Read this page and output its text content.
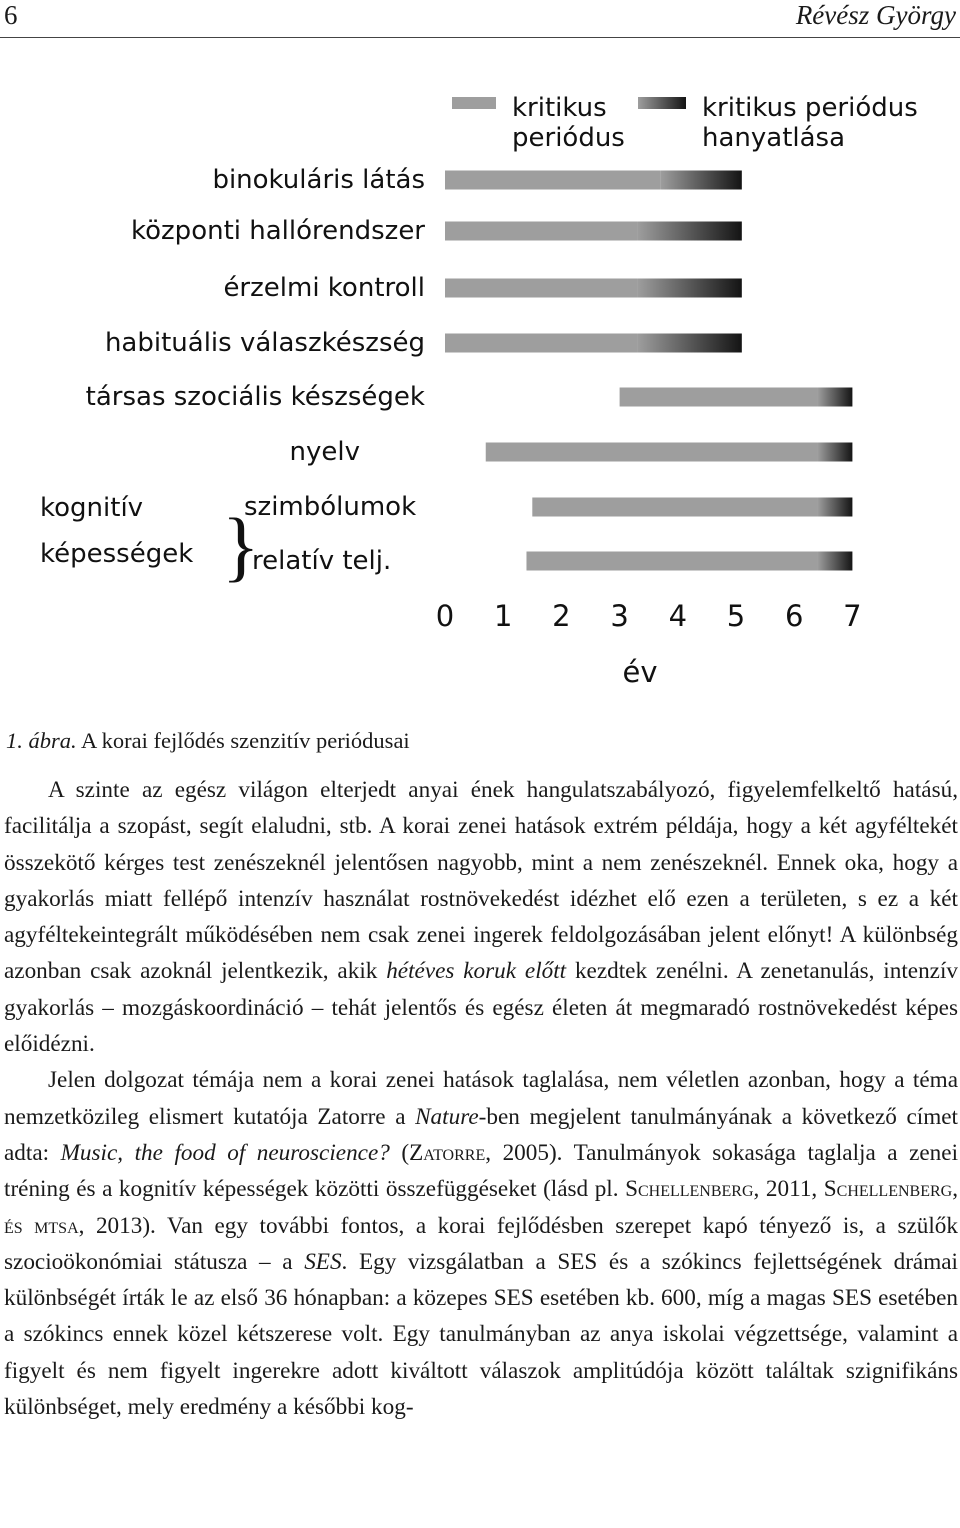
6	Révész György
kritikus periódus
kritikus periódus hanyatlása
binokuláris látás
központi hallórendszer
érzelmi kontroll
habituális válaszkészség
társas szociális készségek
nyelv
szimbólumok
relatív telj.
0 1 2 3 4 5 6 7
kognitív képességek }
év
1. ábra. A korai fejlődés szenzitív periódusai

A szinte az egész világon elterjedt anyai ének hangulatszabályozó, figyelemfelkeltő hatású, facilitálja a szopást, segít elaludni, stb. A korai zenei hatások extrém példája, hogy a két agyféltekét összekötő kérges test zenészeknél jelentősen nagyobb, mint a nem zenészeknél. Ennek oka, hogy a gyakorlás miatt fellépő intenzív használat rostnövekedést idézhet elő ezen a területen, s ez a két agyféltekeintegrált működésében nem csak zenei ingerek feldolgozásában jelent előnyt! A különbség azonban csak azoknál jelentkezik, akik hétéves koruk előtt kezdtek zenélni. A zenetanulás, intenzív gyakorlás – mozgáskoordináció – tehát jelentős és egész életen át megmaradó rostnövekedést képes előidézni.

Jelen dolgozat témája nem a korai zenei hatások taglalása, nem véletlen azonban, hogy a téma nemzetközileg elismert kutatója Zatorre a Nature-ben megjelent tanulmányának a következő címet adta: Music, the food of neuroscience? (Zatorre, 2005). Tanulmányok sokasága taglalja a zenei tréning és a kognitív képességek közötti összefüggéseket (lásd pl. Schellenberg, 2011, Schellenberg, és mtsa, 2013). Van egy további fontos, a korai fejlődésben szerepet kapó tényező is, a szülők szocioökonómiai státusza – a SES. Egy vizsgálatban a SES és a szókincs fejlettségének drámai különbségét írták le az első 36 hónapban: a közepes SES esetében kb. 600, míg a magas SES esetében a szókincs ennek közel kétszerese volt. Egy tanulmányban az anya iskolai végzettsége, valamint a figyelt és nem figyelt ingerekre adott kiváltott válaszok amplitúdója között találtak szignifikáns különbséget, mely eredmény a későbbi kog-
